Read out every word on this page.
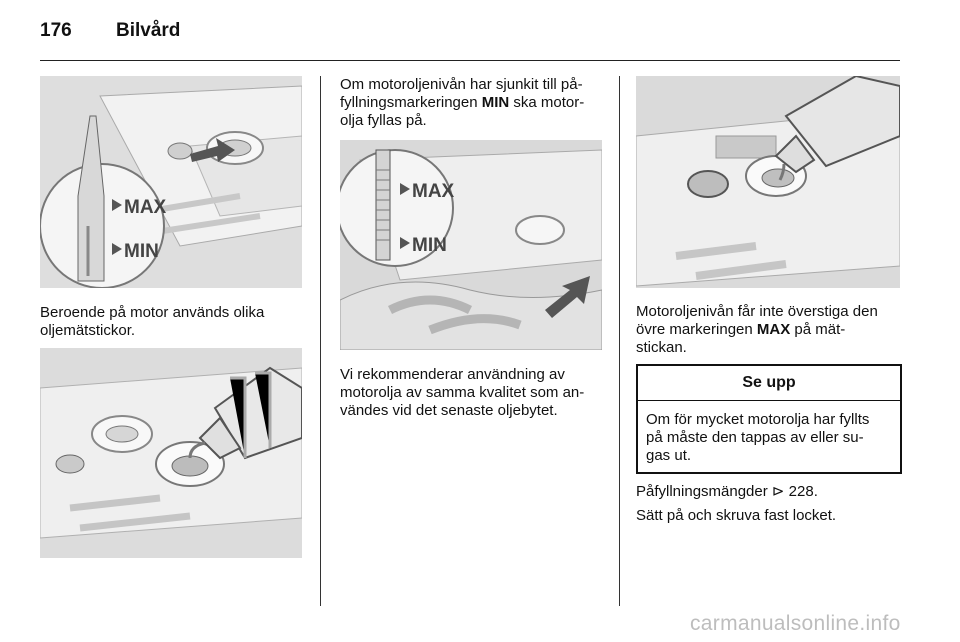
176 Bilvård
MAX
MIN
Beroende på motor används olika
oljemätstickor.
Om motoroljenivån har sjunkit till på-
fyllningsmarkeringen MIN ska motor-
olja fyllas på.
MAX
MIN
Vi rekommenderar användning av
motorolja av samma kvalitet som an-
vändes vid det senaste oljebytet.
Motoroljenivån får inte överstiga den
övre markeringen MAX på mät-
stickan.
Se upp
Om för mycket motorolja har fyllts
på måste den tappas av eller su-
gas ut.
Påfyllningsmängder ⊳ 228.
Sätt på och skruva fast locket.
carmanualsonline.info
